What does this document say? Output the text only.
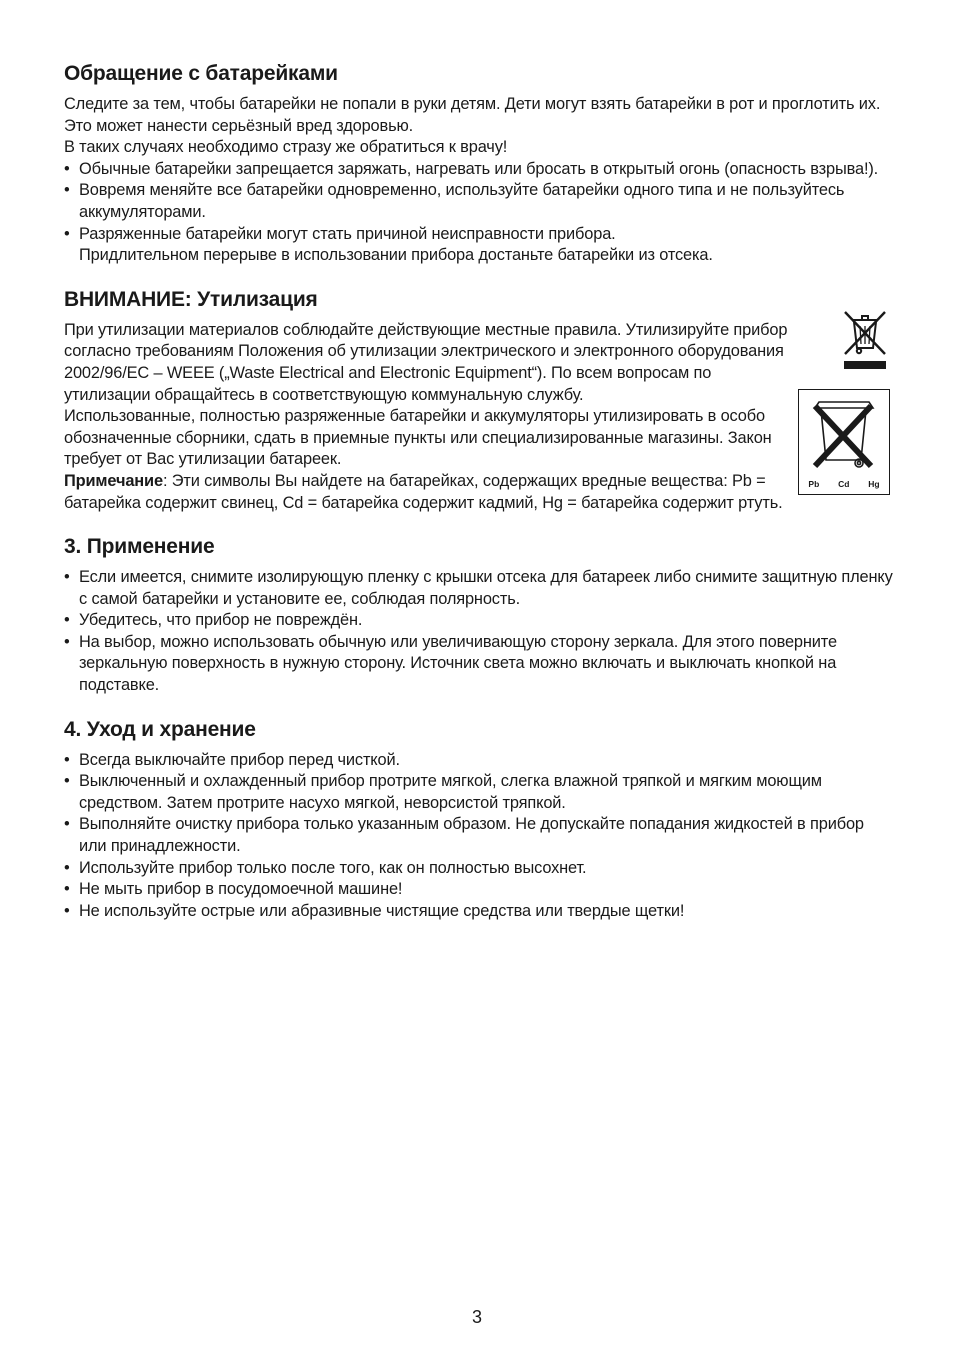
Обращение с батарейками

Следите за тем, чтобы батарейки не попали в руки детям. Дети могут взять батарейки в рот и проглотить их. Это может нанести серьёзный вред здоровью.

В таких случаях необходимо стразу же обратиться к врачу!

• Обычные батарейки запрещается заряжать, нагревать или бросать в открытый огонь (опасность взрыва!).
• Вовремя меняйте все батарейки одновременно, используйте батарейки одного типа и не пользуйтесь аккумуляторами.
• Разряженные батарейки могут стать причиной неисправности прибора.

Придлительном перерыве в использовании прибора достаньте батарейки из отсека.

ВНИМАНИЕ: Утилизация

При утилизации материалов соблюдайте действующие местные правила. Утилизируйте прибор согласно требованиям Положения об утилизации электрического и электронного оборудования 2002/96/EC – WEEE („Waste Electrical and Electronic Equipment“). По всем вопросам по утилизации обращайтесь в соответствующую коммунальную службу.

Использованные, полностью разряженные батарейки и аккумуляторы утилизировать в особо обозначенные сборники, сдать в приемные пункты или специализированные магазины. Закон требует от Вас утилизации батареек.

Примечание: Эти символы Вы найдете на батарейках, содержащих вредные вещества: Pb = батарейка содержит свинец, Cd = батарейка содержит кадмий, Hg = батарейка содержит ртуть.

Pb Cd Hg
3. Применение
• Если имеется, снимите изолирующую пленку с крышки отсека для батареек либо снимите защитную пленку с самой батарейки и установите ее, соблюдая полярность.
• Убедитесь, что прибор не повреждён.
• На выбор, можно использовать обычную или увеличивающую сторону зеркала. Для этого поверните зеркальную поверхность в нужную сторону. Источник света можно включать и выключать кнопкой на подставке.
4. Уход и хранение
• Всегда выключайте прибор перед чисткой.
• Выключенный и охлажденный прибор протрите мягкой, слегка влажной тряпкой и мягким моющим средством. Затем протрите насухо мягкой, неворсистой тряпкой.
• Выполняйте очистку прибора только указанным образом. Не допускайте попадания жидкостей в прибор или принадлежности.
• Используйте прибор только после того, как он полностью высохнет.
• Не мыть прибор в посудомоечной машине!
• Не используйте острые или абразивные чистящие средства или твердые щетки!
3
